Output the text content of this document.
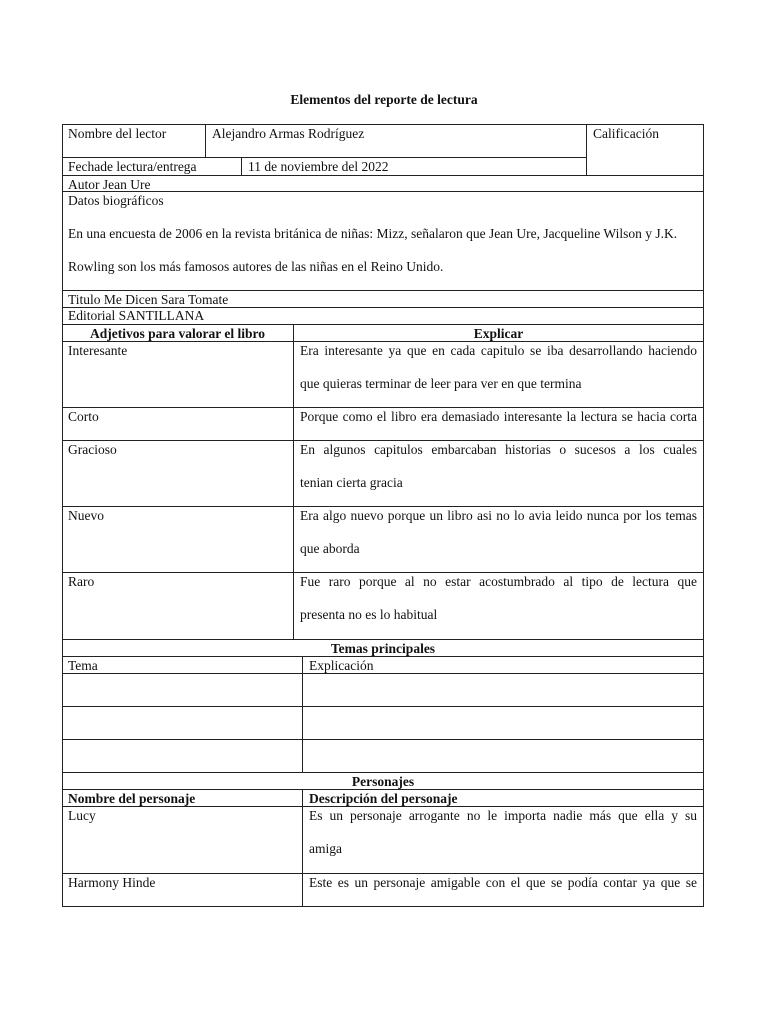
Elementos del reporte de lectura
Nombre del lector	Alejandro Armas Rodríguez	Calificación
Fechade lectura/entrega	11 de noviembre del 2022
Autor Jean Ure
Datos biográficos
En una encuesta de 2006 en la revista británica de niñas: Mizz, señalaron que Jean Ure, Jacqueline Wilson y J.K.
Rowling son los más famosos autores de las niñas en el Reino Unido.
Titulo Me Dicen Sara Tomate
Editorial SANTILLANA
Adjetivos para valorar el libro	Explicar
Interesante	Era interesante ya que en cada capitulo se iba desarrollando haciendo
que quieras terminar de leer para ver en que termina
Corto	Porque como el libro era demasiado interesante la lectura se hacia corta
Gracioso	En algunos capitulos embarcaban historias o sucesos a los cuales
tenian cierta gracia
Nuevo	Era algo nuevo porque un libro asi no lo avia leido nunca por los temas
que aborda
Raro	Fue raro porque al no estar acostumbrado al tipo de lectura que
presenta no es lo habitual
Temas principales
Tema	Explicación
Personajes
Nombre del personaje	Descripción del personaje
Lucy	Es un personaje arrogante no le importa nadie más que ella y su
amiga
Harmony Hinde	Este es un personaje amigable con el que se podía contar ya que se
